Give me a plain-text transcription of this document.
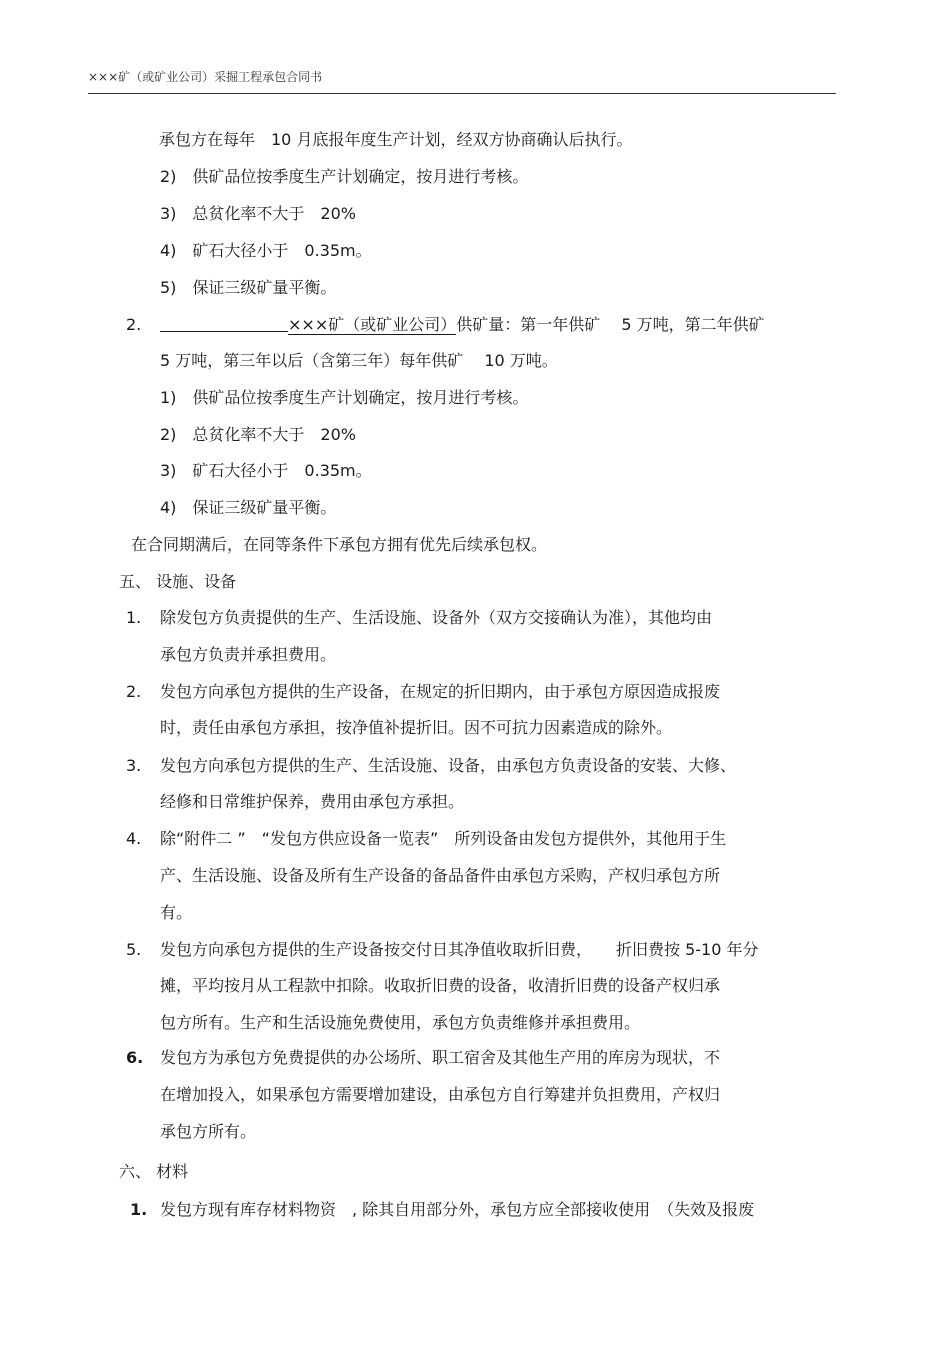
×××矿（或矿业公司）采掘工程承包合同书
承包方在每年　10 月底报年度生产计划，经双方协商确认后执行。
2)　供矿品位按季度生产计划确定，按月进行考核。
3)　总贫化率不大于　20%
4)　矿石大径小于　0.35m。
5)　保证三级矿量平衡。
2.	×××矿（或矿业公司）供矿量：第一年供矿　 5 万吨，第二年供矿
5 万吨，第三年以后（含第三年）每年供矿　 10 万吨。
1)　供矿品位按季度生产计划确定，按月进行考核。
2)　总贫化率不大于　20%
3)　矿石大径小于　0.35m。
4)　保证三级矿量平衡。
在合同期满后，在同等条件下承包方拥有优先后续承包权。
五、 设施、设备
1. 除发包方负责提供的生产、生活设施、设备外（双方交接确认为准），其他均由
承包方负责并承担费用。
2. 发包方向承包方提供的生产设备，在规定的折旧期内，由于承包方原因造成报废
时，责任由承包方承担，按净值补提折旧。因不可抗力因素造成的除外。
3. 发包方向承包方提供的生产、生活设施、设备，由承包方负责设备的安装、大修、
经修和日常维护保养，费用由承包方承担。
4. 除“附件二 ”　“发包方供应设备一览表”　所列设备由发包方提供外，其他用于生
产、生活设施、设备及所有生产设备的备品备件由承包方采购，产权归承包方所
有。
5. 发包方向承包方提供的生产设备按交付日其净值收取折旧费，　　折旧费按 5-10 年分
摊，平均按月从工程款中扣除。收取折旧费的设备，收清折旧费的设备产权归承
包方所有。生产和生活设施免费使用，承包方负责维修并承担费用。
6. 发包方为承包方免费提供的办公场所、职工宿舍及其他生产用的库房为现状，不
在增加投入，如果承包方需要增加建设，由承包方自行筹建并负担费用，产权归
承包方所有。
六、 材料
1. 发包方现有库存材料物资　, 除其自用部分外，承包方应全部接收使用　（失效及报废
